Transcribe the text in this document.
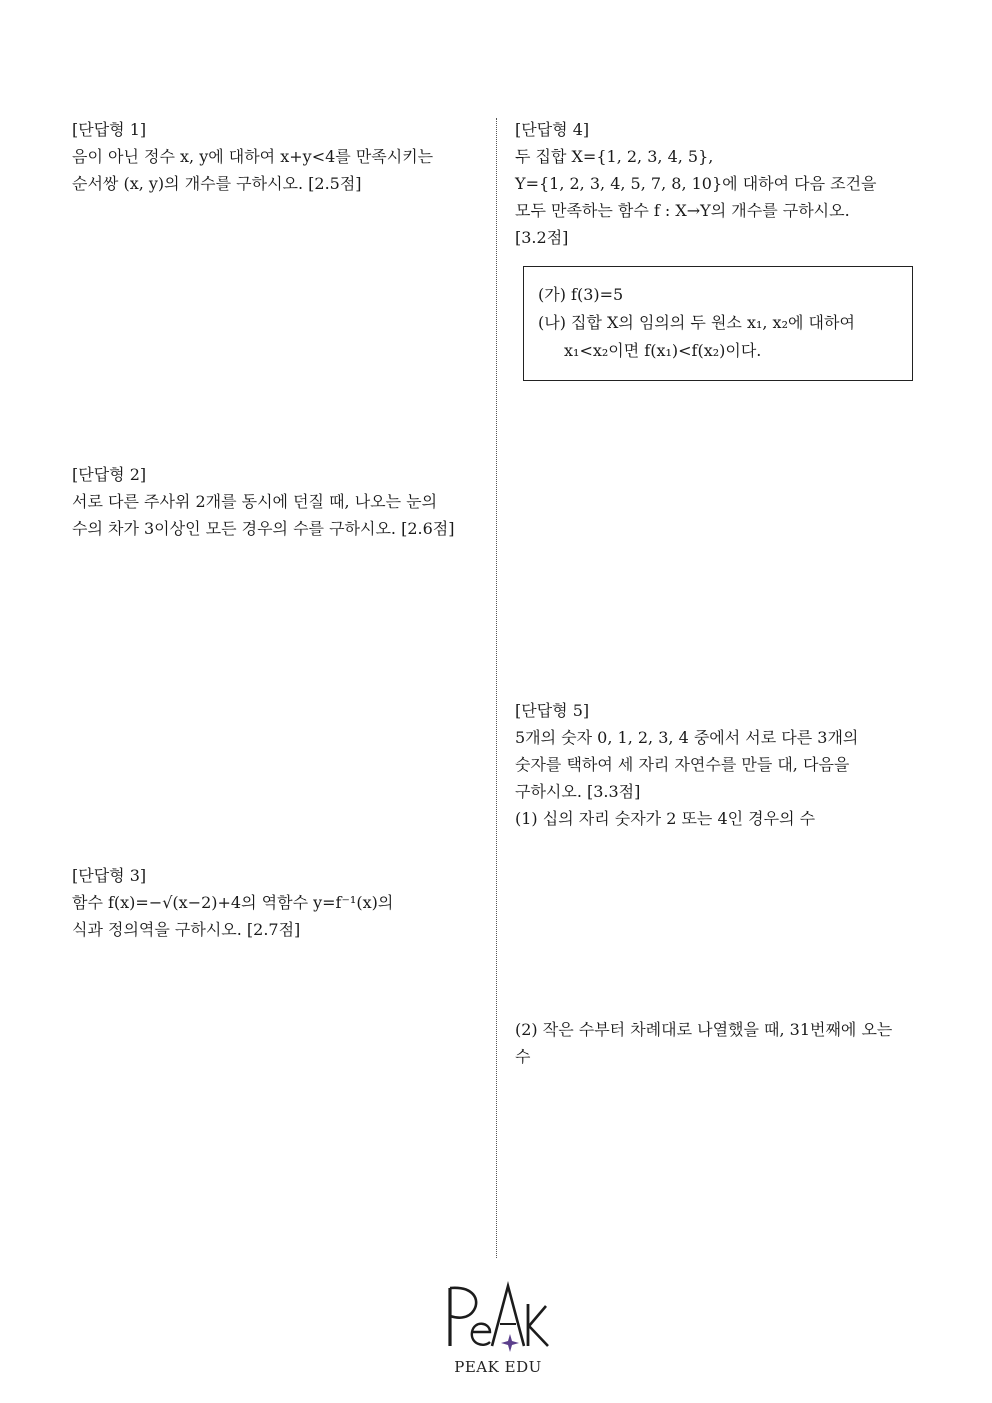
[단답형 1]
음이 아닌 정수 x, y에 대하여 x+y<4를 만족시키는
순서쌍 (x, y)의 개수를 구하시오. [2.5점]
[단답형 2]
서로 다른 주사위 2개를 동시에 던질 때, 나오는 눈의
수의 차가 3이상인 모든 경우의 수를 구하시오. [2.6점]
[단답형 3]
함수 f(x)=−√(x−2)+4의 역함수 y=f⁻¹(x)의
식과 정의역을 구하시오. [2.7점]
[단답형 4]
두 집합 X={1, 2, 3, 4, 5},
Y={1, 2, 3, 4, 5, 7, 8, 10}에 대하여 다음 조건을
모두 만족하는 함수 f : X→Y의 개수를 구하시오.
[3.2점]
(가) f(3)=5
(나) 집합 X의 임의의 두 원소 x₁, x₂에 대하여
x₁<x₂이면 f(x₁)<f(x₂)이다.
[단답형 5]
5개의 숫자 0, 1, 2, 3, 4 중에서 서로 다른 3개의
숫자를 택하여 세 자리 자연수를 만들 대, 다음을
구하시오. [3.3점]
(1) 십의 자리 숫자가 2 또는 4인 경우의 수
(2) 작은 수부터 차례대로 나열했을 때, 31번째에 오는
수
PEAK EDU
